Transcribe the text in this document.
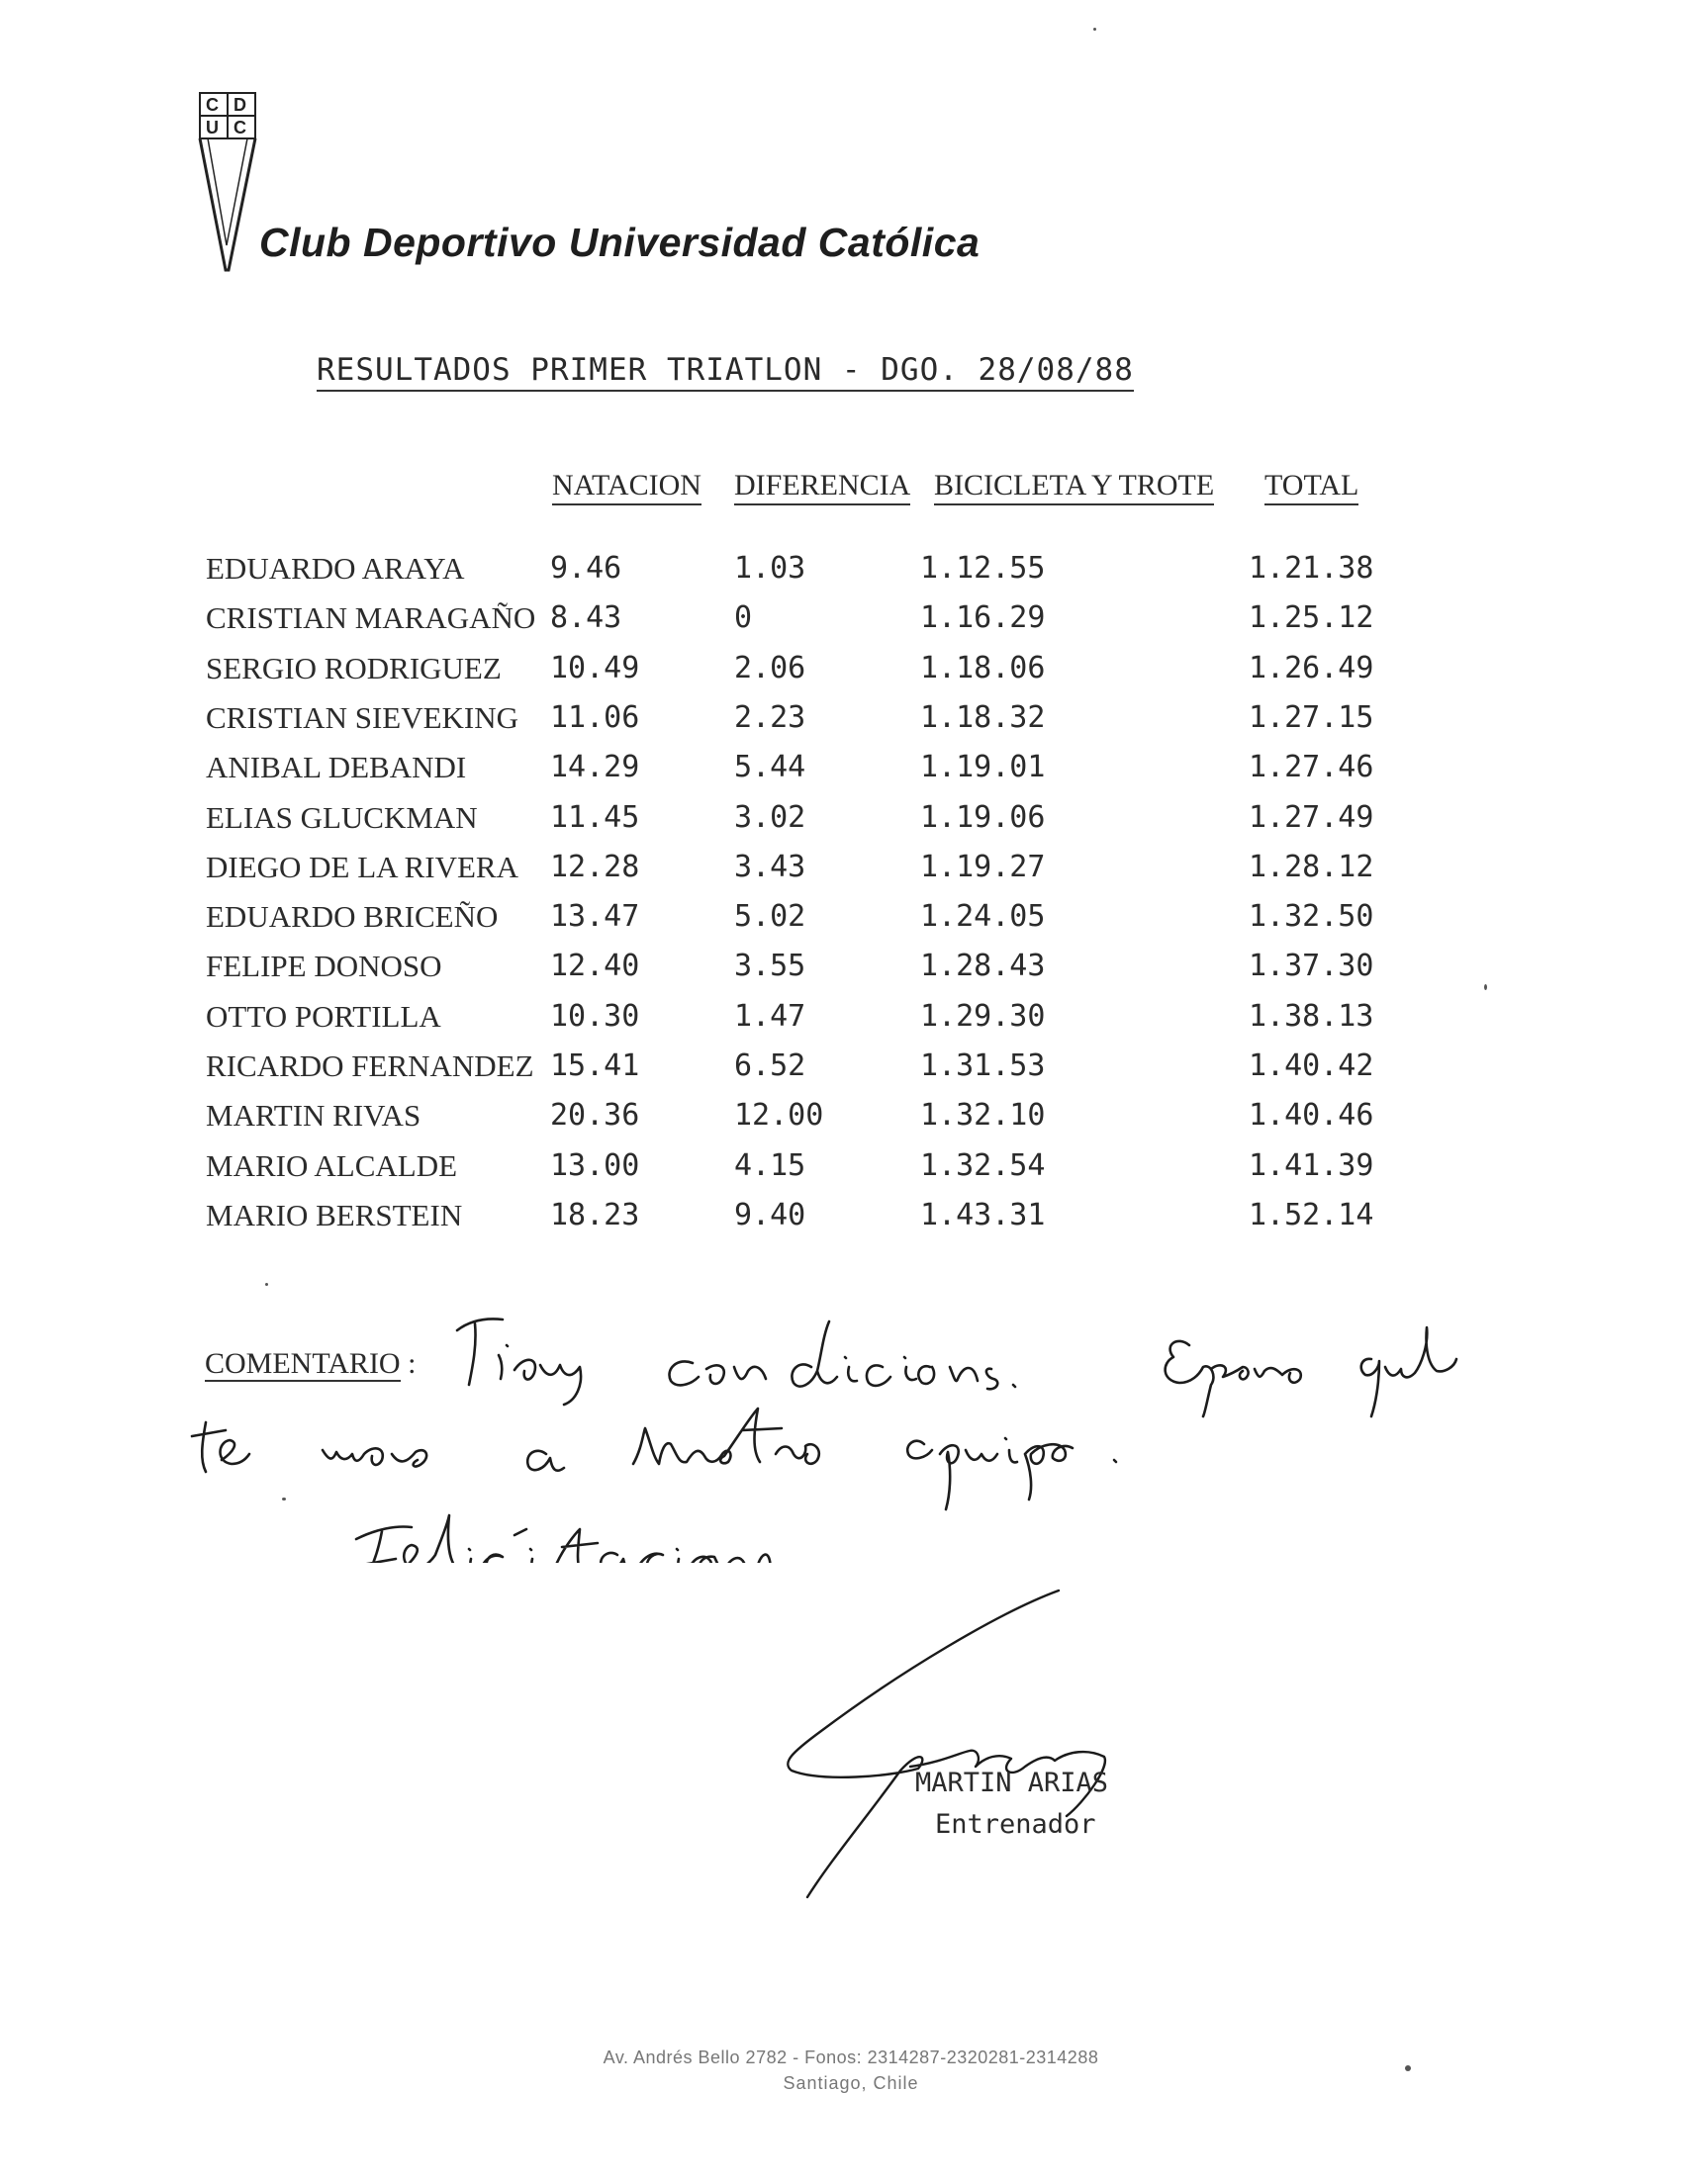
C D
U C
Club Deportivo Universidad Católica
RESULTADOS PRIMER TRIATLON - DGO. 28/08/88
NATACION DIFERENCIA BICICLETA Y TROTE TOTAL
EDUARDO ARAYA	9.46	1.03	1.12.55	1.21.38
CRISTIAN MARAGAÑO 8.43	0	1.16.29	1.25.12
SERGIO RODRIGUEZ 10.49	2.06	1.18.06	1.26.49
CRISTIAN SIEVEKING 11.06	2.23	1.18.32	1.27.15
ANIBAL DEBANDI	14.29	5.44	1.19.01	1.27.46
ELIAS GLUCKMAN 11.45	3.02	1.19.06	1.27.49
DIEGO DE LA RIVERA 12.28	3.43	1.19.27	1.28.12
EDUARDO BRICEÑO 13.47	5.02	1.24.05	1.32.50
FELIPE DONOSO	12.40	3.55	1.28.43	1.37.30
OTTO PORTILLA	10.30	1.47	1.29.30	1.38.13
RICARDO FERNANDEZ 15.41	6.52	1.31.53	1.40.42
MARTIN RIVAS	20.36	12.00	1.32.10	1.40.46
MARIO ALCALDE	13.00	4.15	1.32.54	1.41.39
MARIO BERSTEIN	18.23	9.40	1.43.31	1.52.14
COMENTARIO :
MARTIN ARIAS
Entrenador
Av. Andrés Bello 2782 - Fonos: 2314287-2320281-2314288
Santiago, Chile
